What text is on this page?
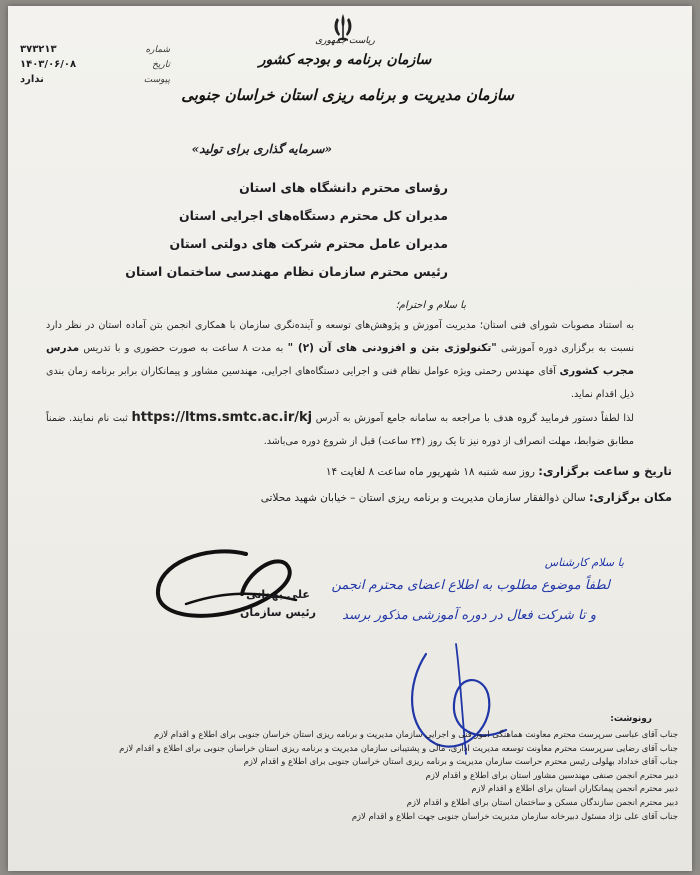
ریاست جمهوری
سازمان برنامه و بودجه کشور
سازمان مدیریت و برنامه ریزی استان خراسان جنوبی
شماره
۳۷۳۲۱۳
تاریخ
۱۴۰۳/۰۶/۰۸
پیوست
ندارد
«سرمایه گذاری برای تولید»
رؤسای محترم دانشگاه های استان
مدیران کل محترم دستگاه‌های اجرایی استان
مدیران عامل محترم شرکت های دولتی استان
رئیس محترم سازمان نظام مهندسی ساختمان استان
با سلام و احترام؛

به استناد مصوبات شورای فنی استان؛ مدیریت آموزش و پژوهش‌های توسعه و آینده‌نگری سازمان با همکاری انجمن بتن آماده استان در نظر دارد نسبت به برگزاری دوره آموزشی "تکنولوژی بتن و افزودنی های آن (۲) " به مدت ۸ ساعت به صورت حضوری و با تدریس مدرس مجرب کشوری آقای مهندس رحمتی ویژه عوامل نظام فنی و اجرایی دستگاه‌های اجرایی، مهندسین مشاور و پیمانکاران برابر برنامه زمان بندی ذیل اقدام نماید.

لذا لطفاً دستور فرمایید گروه هدف با مراجعه به سامانه جامع آموزش به آدرس https://ltms.smtc.ac.ir/kj ثبت نام نمایند. ضمناً مطابق ضوابط، مهلت انصراف از دوره نیز تا یک روز (۲۴ ساعت) قبل از شروع دوره می‌باشد.

تاریخ و ساعت برگزاری: روز سه شنبه ۱۸ شهریور ماه ساعت ۸ لغایت ۱۴
مکان برگزاری: سالن ذوالفقار سازمان مدیریت و برنامه ریزی استان – خیابان شهید محلاتی
علی بهدانی
رئیس سازمان
با سلام کارشناس
لطفاً موضوع مطلوب به اطلاع اعضای محترم انجمن
و تا شرکت فعال در دوره آموزشی مذکور برسد
رونوشت:
جناب آقای عباسی سرپرست محترم معاونت هماهنگی امور فنی و اجرایی سازمان مدیریت و برنامه ریزی استان خراسان جنوبی برای اطلاع و اقدام لازم
جناب آقای رضایی سرپرست محترم معاونت توسعه مدیریت اداری، مالی و پشتیبانی سازمان مدیریت و برنامه ریزی استان خراسان جنوبی برای اطلاع و اقدام لازم
جناب آقای خداداد بهلولی رئیس محترم حراست سازمان مدیریت و برنامه ریزی استان خراسان جنوبی برای اطلاع و اقدام لازم
دبیر محترم انجمن صنفی مهندسین مشاور استان برای اطلاع و اقدام لازم
دبیر محترم انجمن پیمانکاران استان برای اطلاع و اقدام لازم
دبیر محترم انجمن سازندگان مسکن و ساختمان استان برای اطلاع و اقدام لازم
جناب آقای علی نژاد مسئول دبیرخانه سازمان مدیریت خراسان جنوبی جهت اطلاع و اقدام لازم
